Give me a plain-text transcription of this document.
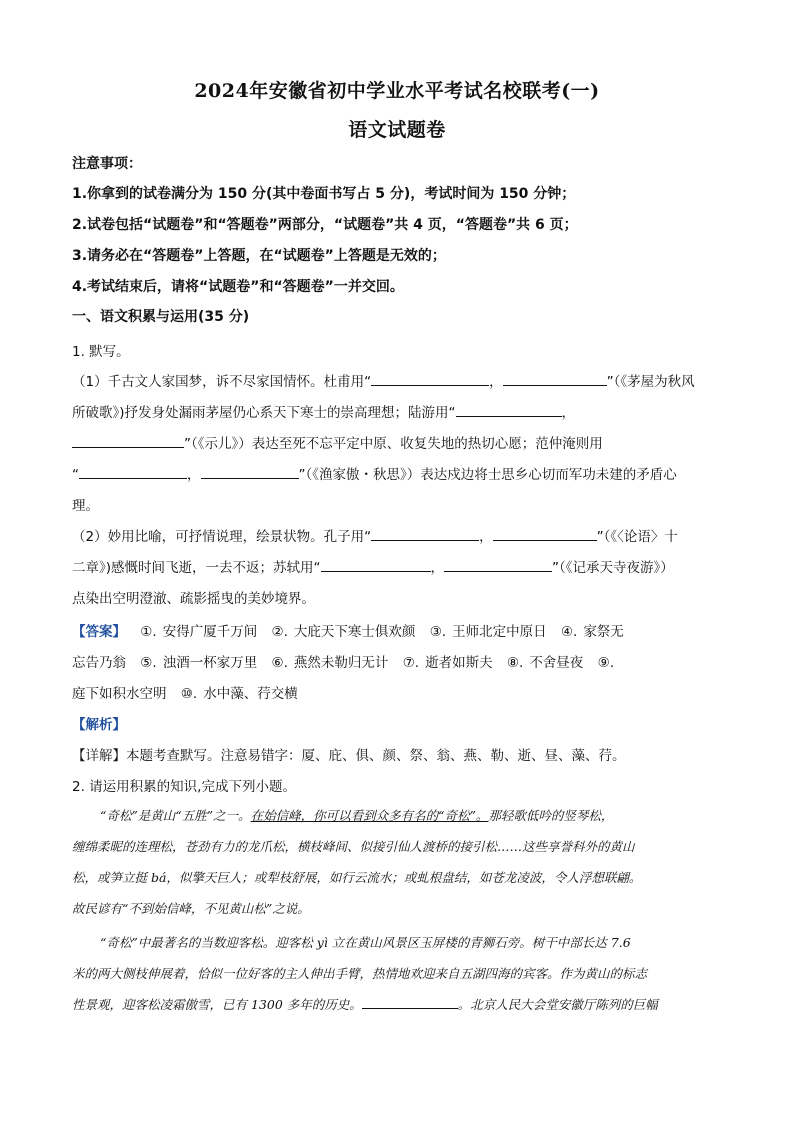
2024年安徽省初中学业水平考试名校联考(一)
语文试题卷
注意事项：
1.你拿到的试卷满分为 150 分(其中卷面书写占 5 分)，考试时间为 150 分钟；
2.试卷包括“试题卷”和“答题卷”两部分，“试题卷”共 4 页，“答题卷”共 6 页；
3.请务必在“答题卷”上答题，在“试题卷”上答题是无效的；
4.考试结束后，请将“试题卷”和“答题卷”一并交回。
一、语文积累与运用(35 分)
1. 默写。
（1）千古文人家国梦，诉不尽家国情怀。杜甫用“	，	”（《茅屋为秋风
所破歌》)抒发身处漏雨茅屋仍心系天下寒士的崇高理想；陆游用“	，
”（《示儿》）表达至死不忘平定中原、收复失地的热切心愿；范仲淹则用
“	，	”（《渔家傲・秋思》）表达戍边将士思乡心切而军功未建的矛盾心
理。
（2）妙用比喻，可抒情说理，绘景状物。孔子用“	，	”（《〈论语〉十
二章》)感慨时间飞逝，一去不返；苏轼用“	，	”（《记承天寺夜游》）
点染出空明澄澈、疏影摇曳的美妙境界。
【答案】 ①. 安得广厦千万间 ②. 大庇天下寒士俱欢颜 ③. 王师北定中原日 ④. 家祭无
忘告乃翁 ⑤. 浊酒一杯家万里 ⑥. 燕然未勒归无计 ⑦. 逝者如斯夫 ⑧. 不舍昼夜 ⑨.
庭下如积水空明 ⑩. 水中藻、荇交横
【解析】
【详解】本题考查默写。注意易错字：厦、庇、俱、颜、祭、翁、燕、勒、逝、昼、藻、荇。
2. 请运用积累的知识,完成下列小题。
“奇松”是黄山“五胜”之一。在始信峰，你可以看到众多有名的“奇松”。那轻歌低吟的竖琴松，
缠绵柔昵的连理松，苍劲有力的龙爪松，横枝峰间、似接引仙人渡桥的接引松……这些享誉科外的黄山
松，或笋立挺 bá，似擎天巨人；或犁枝舒展，如行云流水；或虬根盘结，如苍龙凌波，令人浮想联翩。
故民谚有“不到始信峰，不见黄山松”之说。
“奇松”中最著名的当数迎客松。迎客松 yì 立在黄山风景区玉屏楼的青狮石旁。树干中部长达 7.6
米的两大侧枝伸展着，恰似一位好客的主人伸出手臂，热情地欢迎来自五湖四海的宾客。作为黄山的标志
性景观，迎客松凌霜傲雪，已有 1300 多年的历史。	。北京人民大会堂安徽厅陈列的巨幅
